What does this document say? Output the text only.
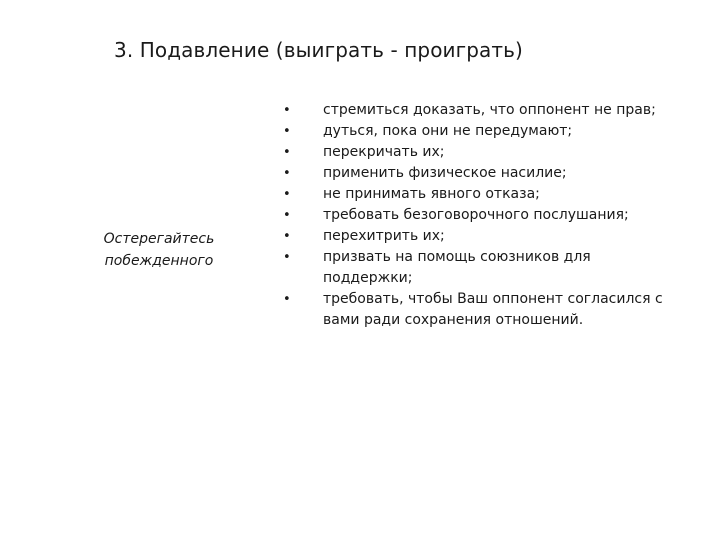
3. Подавление (выиграть - проиграть)
Остерегайтесь
побежденного
•	стремиться доказать, что оппонент не прав;
•	дуться, пока они не передумают;
•	перекричать их;
•	применить физическое насилие;
•	не принимать явного отказа;
•	требовать безоговорочного послушания;
•	перехитрить их;
•	призвать на помощь союзников для поддержки;
•	требовать, чтобы Ваш оппонент согласился с вами ради сохранения отношений.
